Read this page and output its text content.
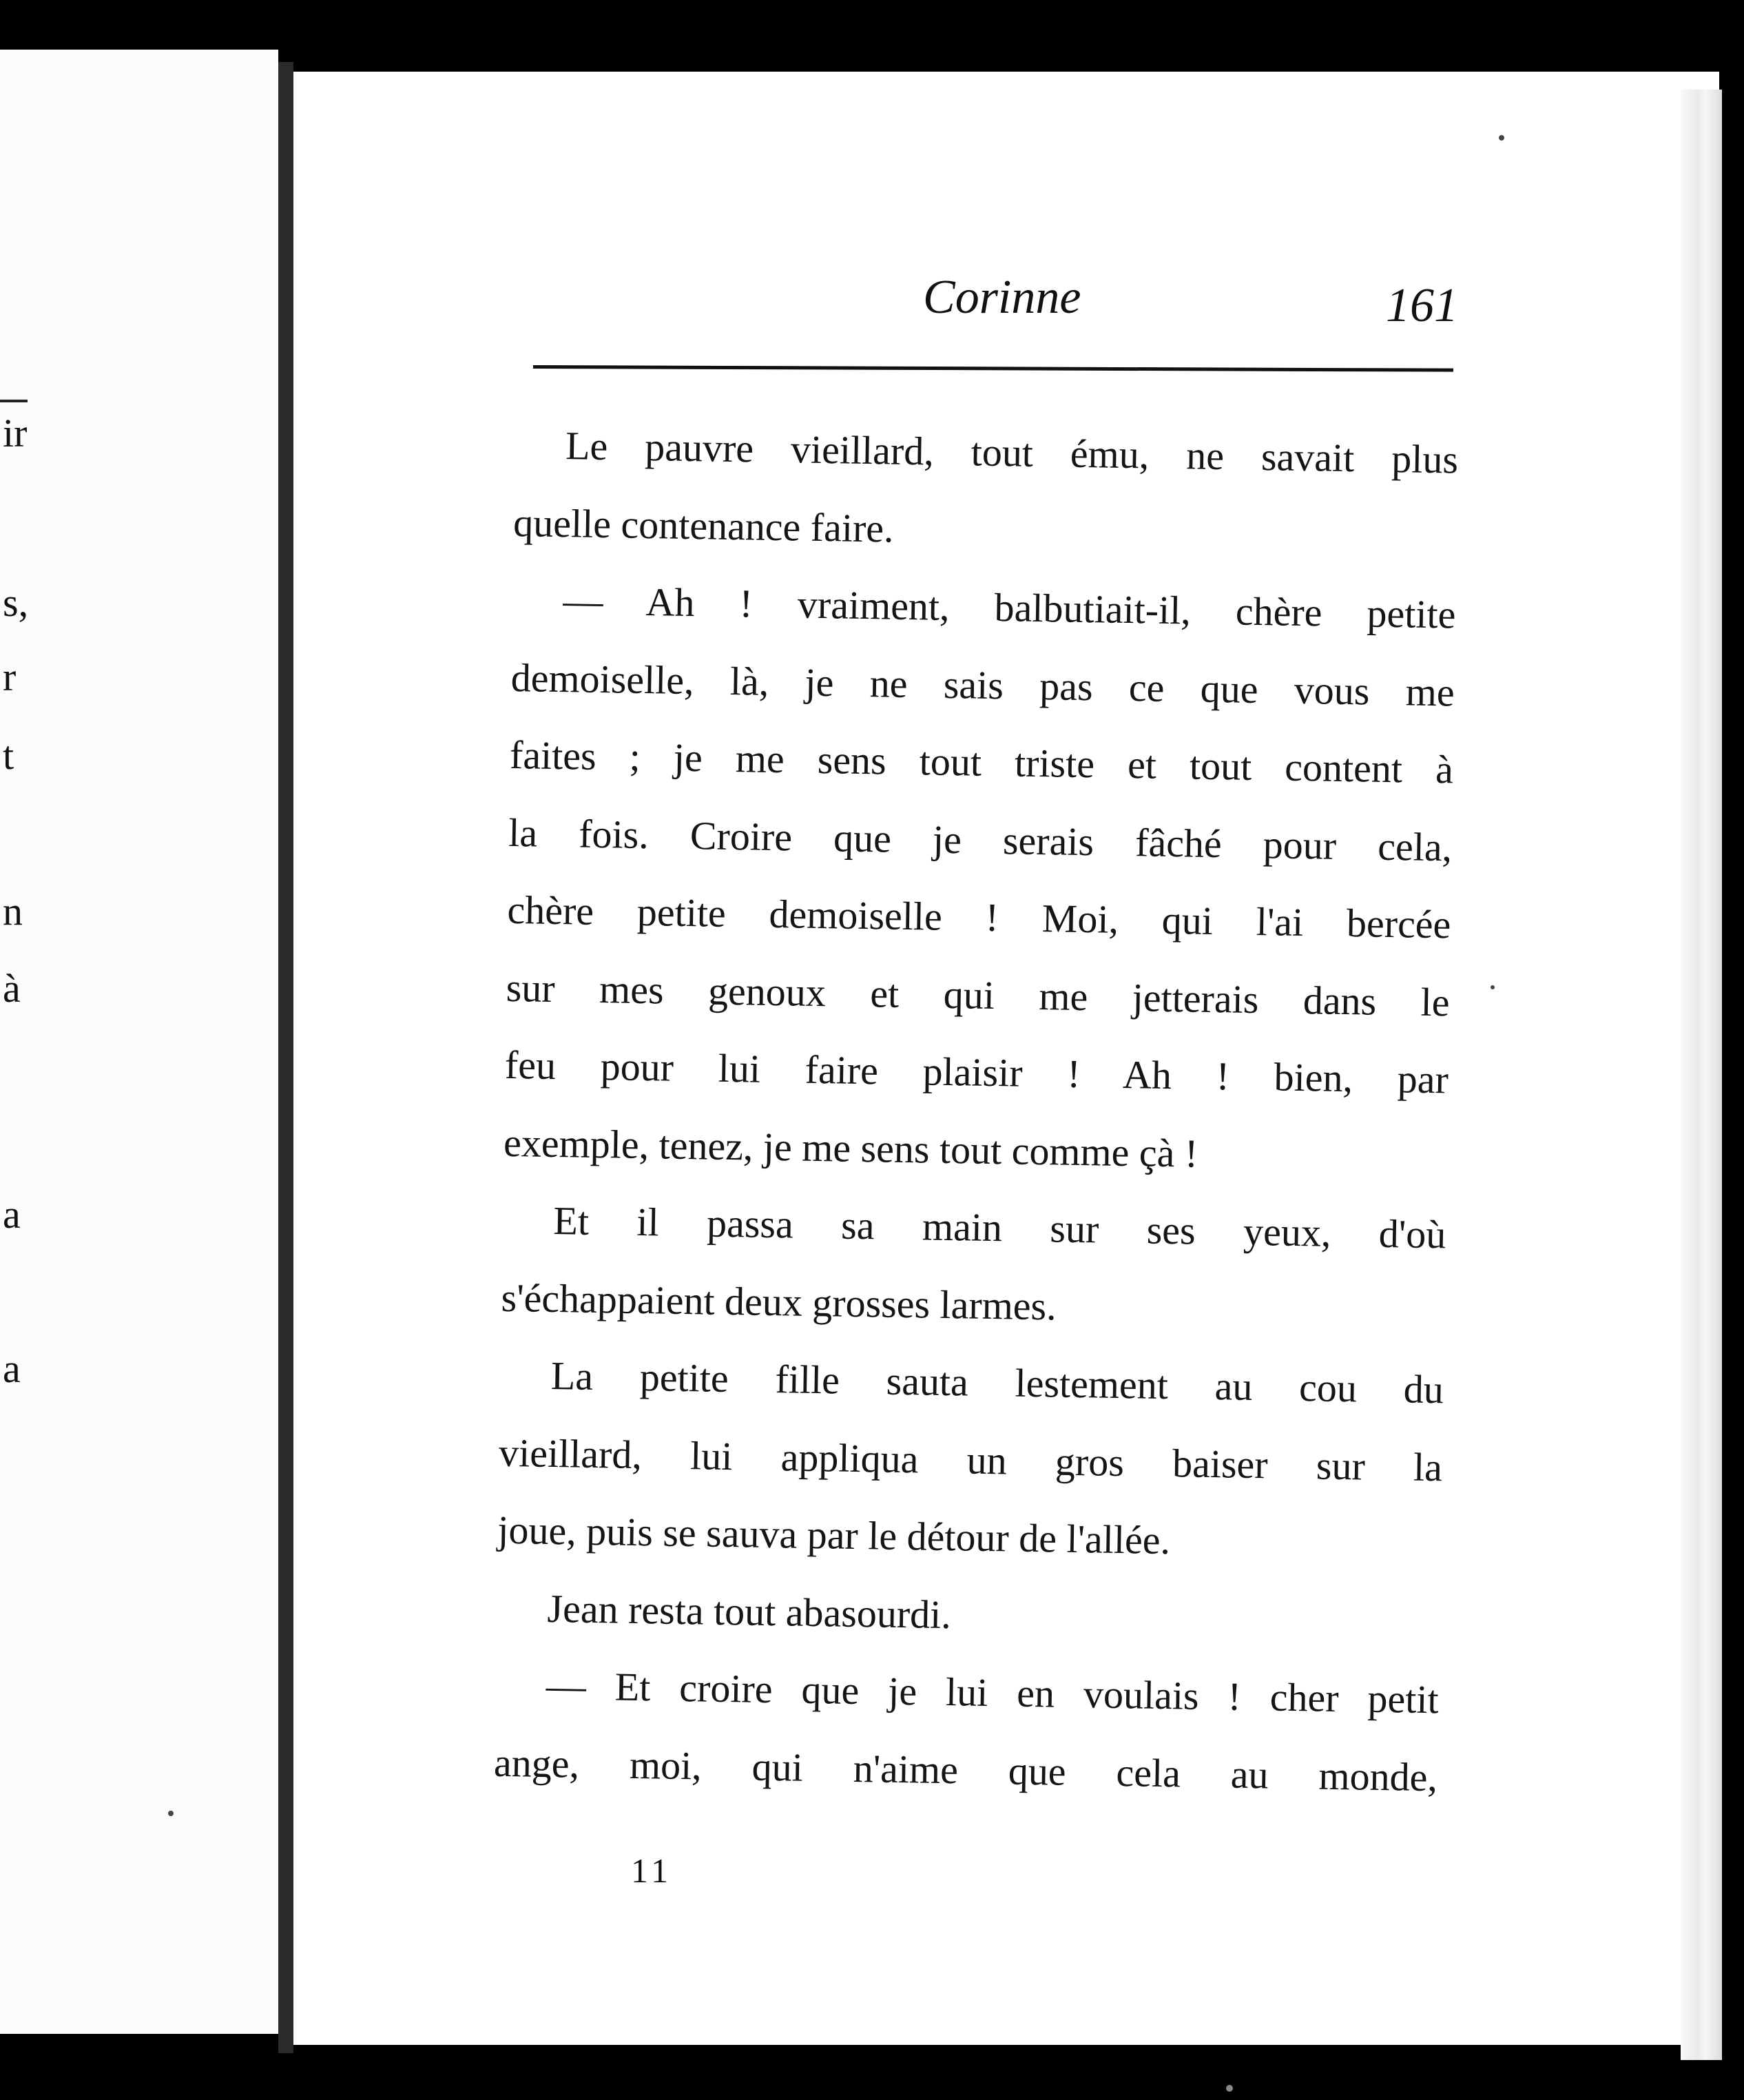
ir
s,
r
t
n
à
a
a
Corinne	161
Le pauvre vieillard, tout ému, ne savait plus
quelle contenance faire.
— Ah ! vraiment, balbutiait-il, chère petite
demoiselle, là, je ne sais pas ce que vous me
faites ; je me sens tout triste et tout content à
la fois. Croire que je serais fâché pour cela,
chère petite demoiselle ! Moi, qui l'ai bercée
sur mes genoux et qui me jetterais dans le
feu pour lui faire plaisir ! Ah ! bien, par
exemple, tenez, je me sens tout comme çà !
Et il passa sa main sur ses yeux, d'où
s'échappaient deux grosses larmes.
La petite fille sauta lestement au cou du
vieillard, lui appliqua un gros baiser sur la
joue, puis se sauva par le détour de l'allée.
Jean resta tout abasourdi.
— Et croire que je lui en voulais ! cher petit
ange, moi, qui n'aime que cela au monde,
11
